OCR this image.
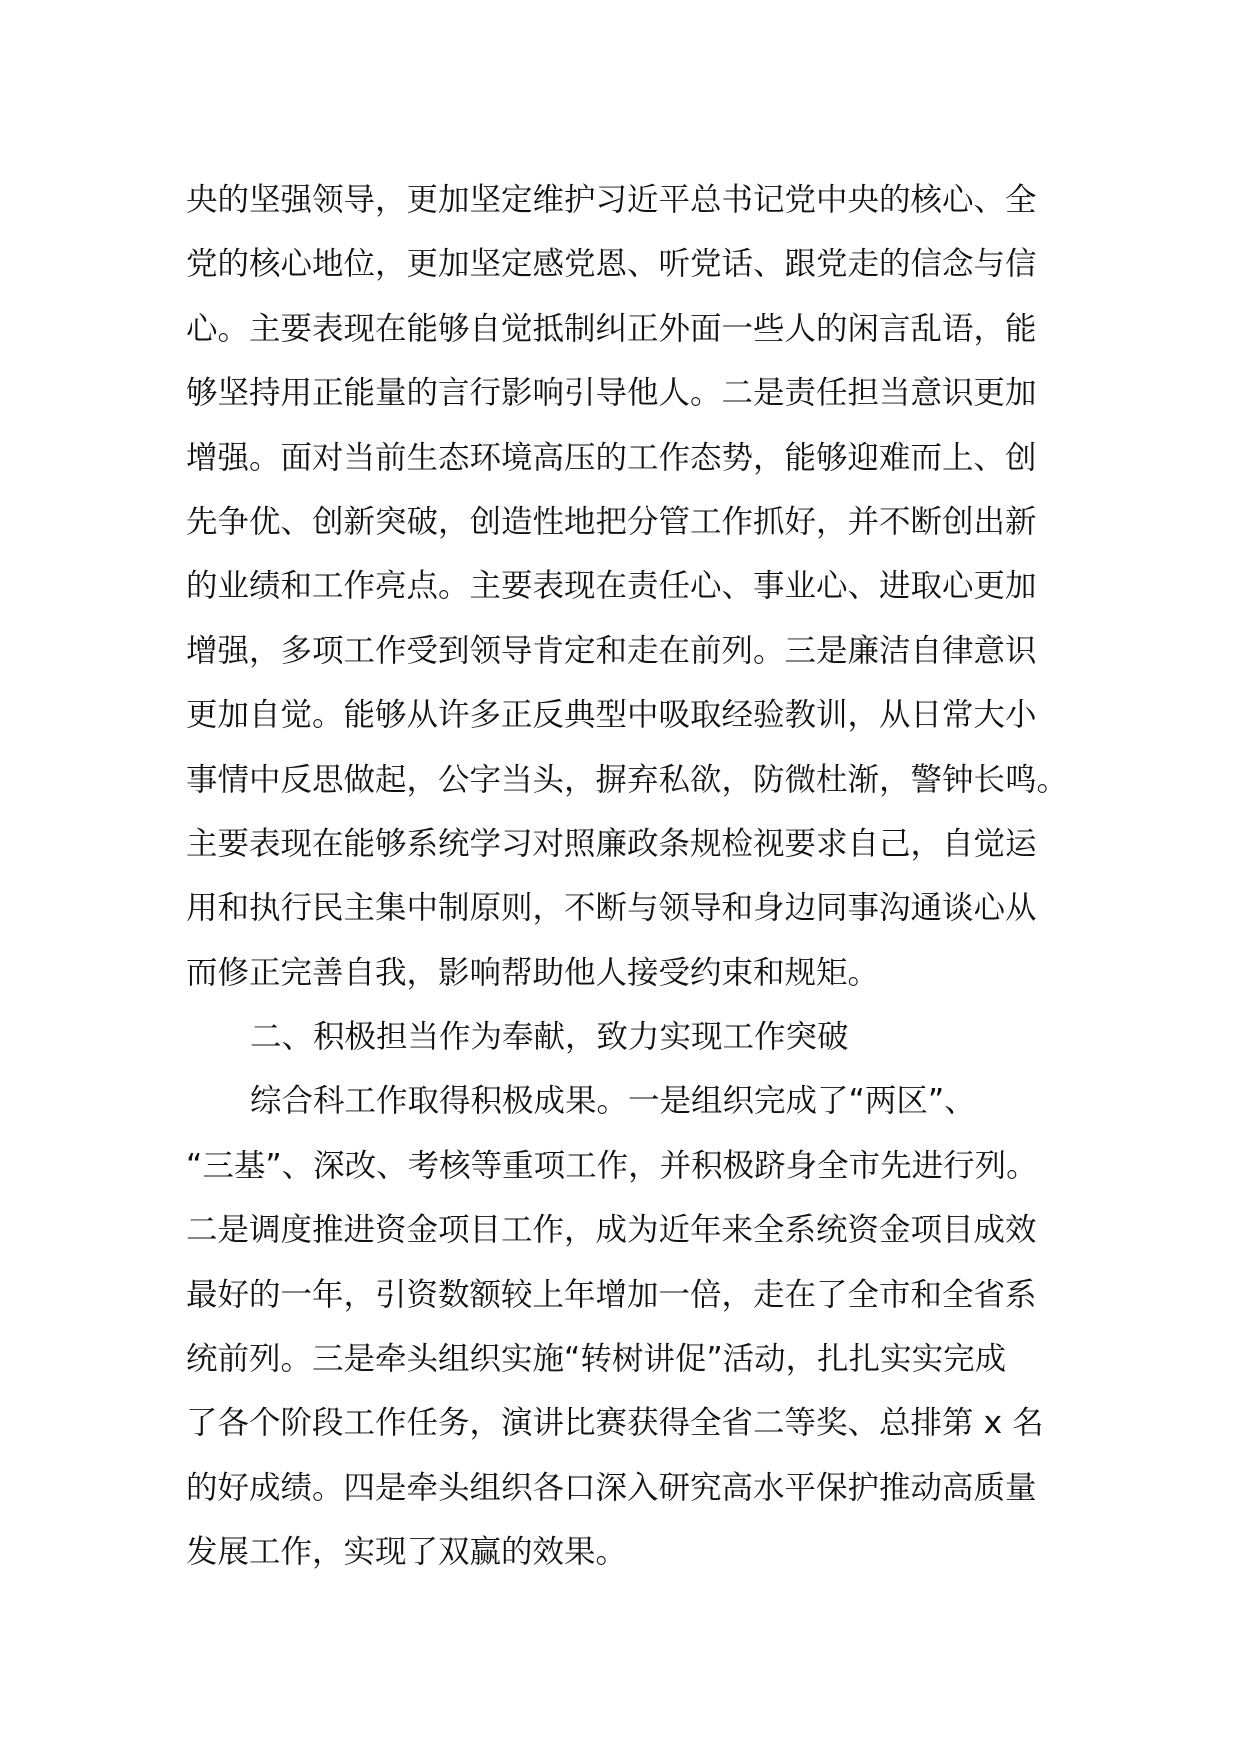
央的坚强领导，更加坚定维护习近平总书记党中央的核心、全
党的核心地位，更加坚定感党恩、听党话、跟党走的信念与信
心。主要表现在能够自觉抵制纠正外面一些人的闲言乱语，能
够坚持用正能量的言行影响引导他人。二是责任担当意识更加
增强。面对当前生态环境高压的工作态势，能够迎难而上、创
先争优、创新突破，创造性地把分管工作抓好，并不断创出新
的业绩和工作亮点。主要表现在责任心、事业心、进取心更加
增强，多项工作受到领导肯定和走在前列。三是廉洁自律意识
更加自觉。能够从许多正反典型中吸取经验教训，从日常大小
事情中反思做起，公字当头，摒弃私欲，防微杜渐，警钟长鸣。
主要表现在能够系统学习对照廉政条规检视要求自己，自觉运
用和执行民主集中制原则，不断与领导和身边同事沟通谈心从
而修正完善自我，影响帮助他人接受约束和规矩。
二、积极担当作为奉献，致力实现工作突破
综合科工作取得积极成果。一是组织完成了“两区”、
“三基”、深改、考核等重项工作，并积极跻身全市先进行列。
二是调度推进资金项目工作，成为近年来全系统资金项目成效
最好的一年，引资数额较上年增加一倍，走在了全市和全省系
统前列。三是牵头组织实施“转树讲促”活动，扎扎实实完成
了各个阶段工作任务，演讲比赛获得全省二等奖、总排第 x 名
的好成绩。四是牵头组织各口深入研究高水平保护推动高质量
发展工作，实现了双赢的效果。
